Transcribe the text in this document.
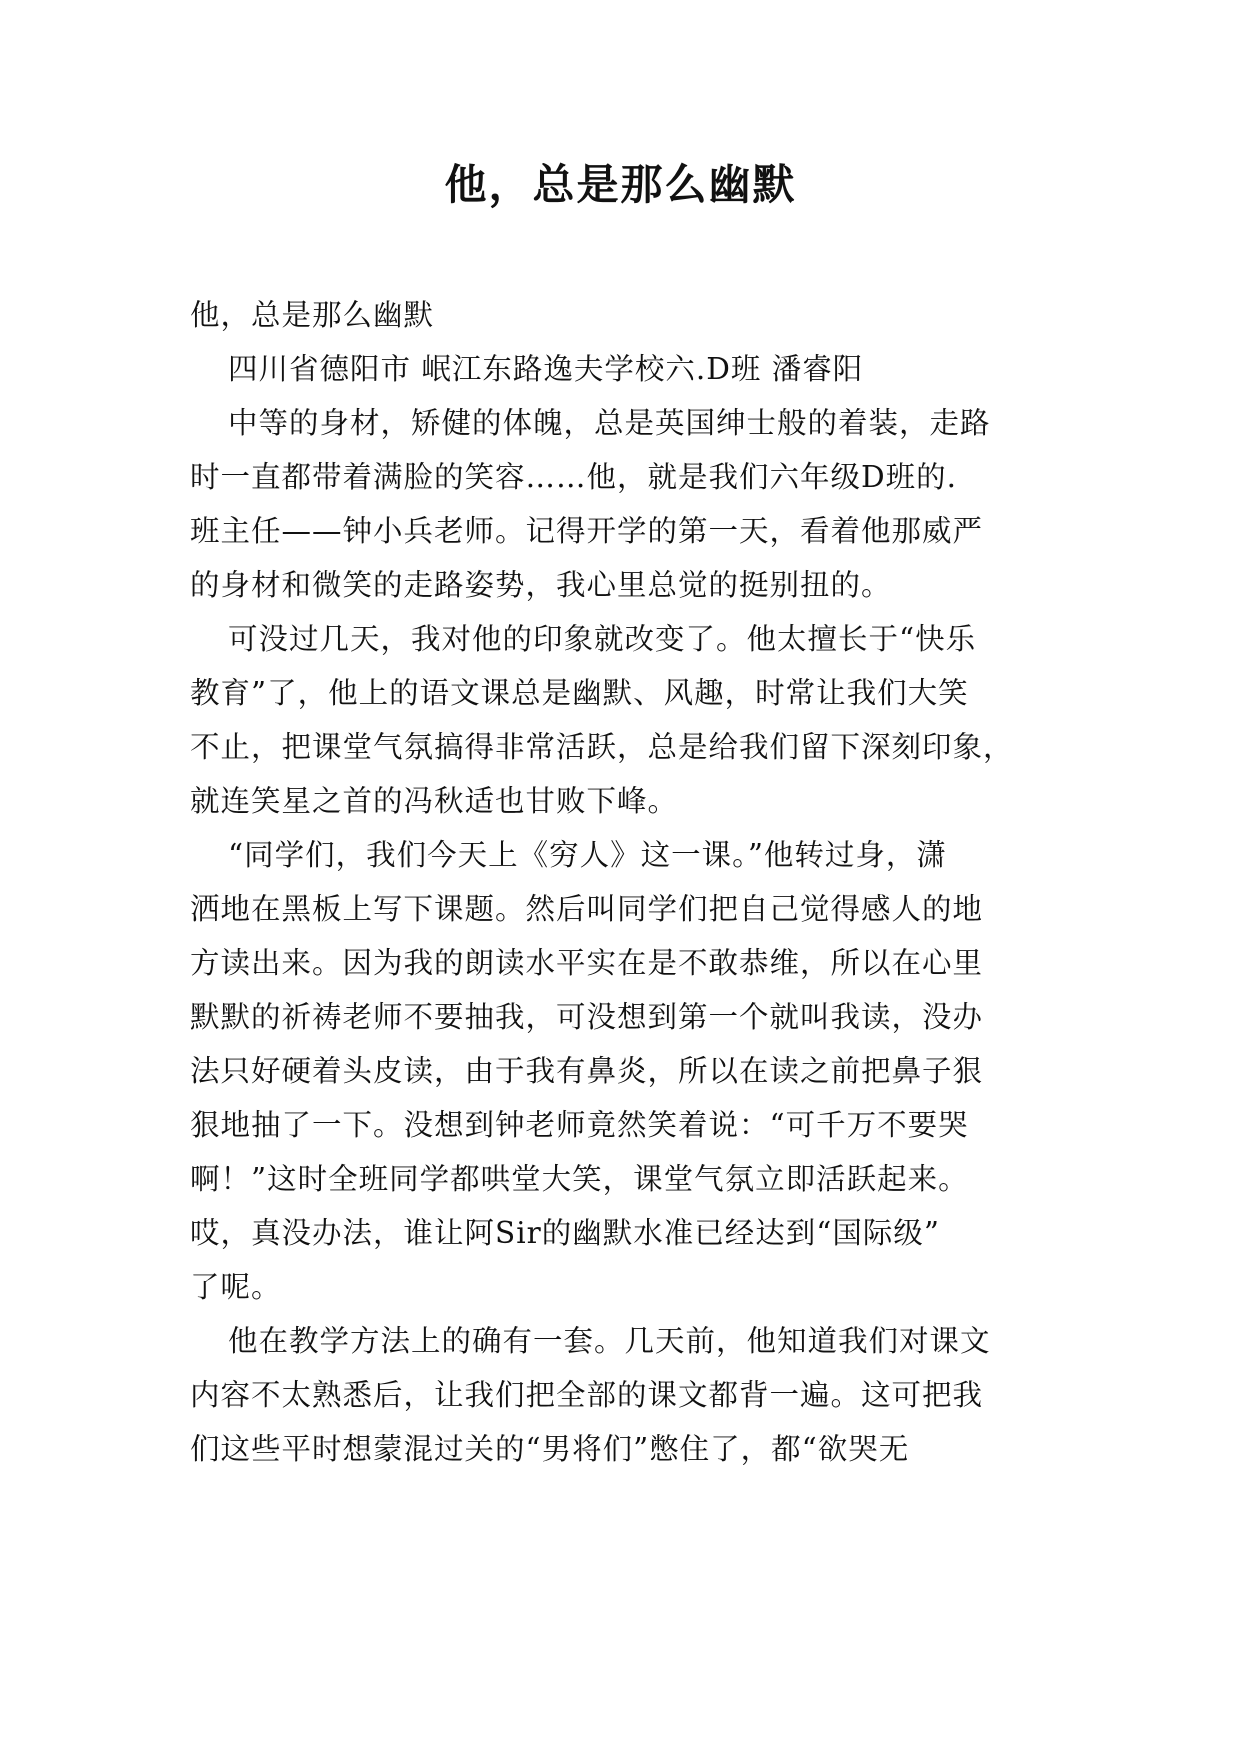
他，总是那么幽默
他，总是那么幽默
四川省德阳市 岷江东路逸夫学校六.D班 潘睿阳
中等的身材，矫健的体魄，总是英国绅士般的着装，走路
时一直都带着满脸的笑容……他，就是我们六年级D班的.
班主任——钟小兵老师。记得开学的第一天，看着他那威严
的身材和微笑的走路姿势，我心里总觉的挺别扭的。
可没过几天，我对他的印象就改变了。他太擅长于“快乐
教育”了，他上的语文课总是幽默、风趣，时常让我们大笑
不止，把课堂气氛搞得非常活跃，总是给我们留下深刻印象，
就连笑星之首的冯秋适也甘败下峰。
“同学们，我们今天上《穷人》这一课。”他转过身，潇
洒地在黑板上写下课题。然后叫同学们把自己觉得感人的地
方读出来。因为我的朗读水平实在是不敢恭维，所以在心里
默默的祈祷老师不要抽我，可没想到第一个就叫我读，没办
法只好硬着头皮读，由于我有鼻炎，所以在读之前把鼻子狠
狠地抽了一下。没想到钟老师竟然笑着说：“可千万不要哭
啊！”这时全班同学都哄堂大笑，课堂气氛立即活跃起来。
哎，真没办法，谁让阿Sir的幽默水准已经达到“国际级”
了呢。
他在教学方法上的确有一套。几天前，他知道我们对课文
内容不太熟悉后，让我们把全部的课文都背一遍。这可把我
们这些平时想蒙混过关的“男将们”憋住了，都“欲哭无
